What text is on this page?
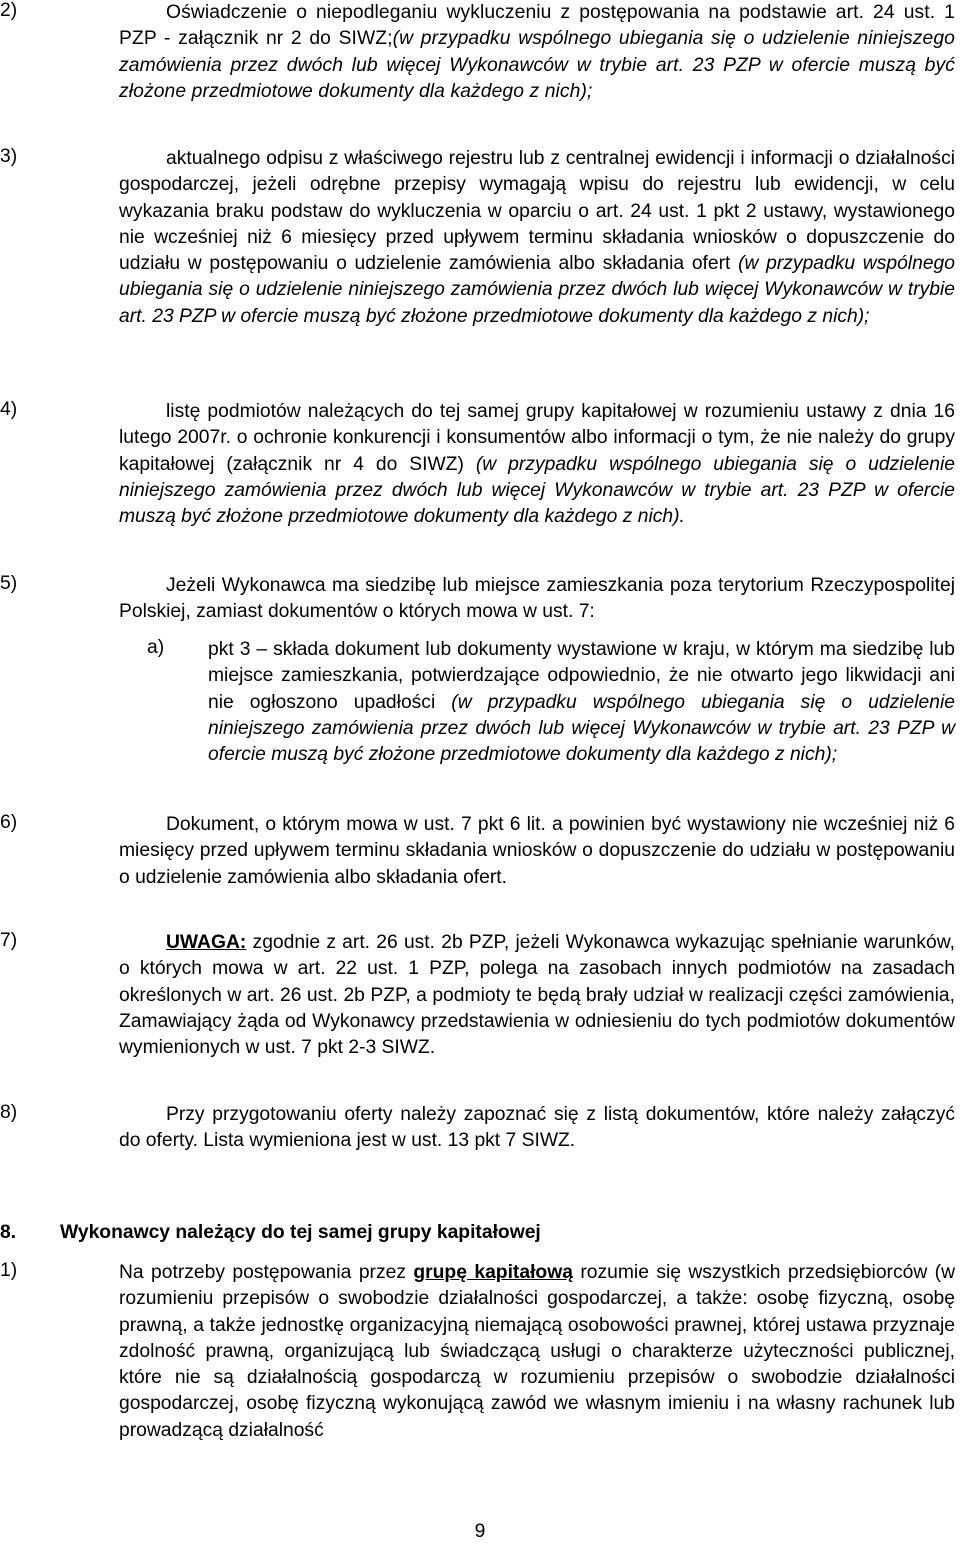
2)	Oświadczenie o niepodleganiu wykluczeniu z postępowania na podstawie art. 24 ust. 1 PZP - załącznik nr 2 do SIWZ;(w przypadku wspólnego ubiegania się o udzielenie niniejszego zamówienia przez dwóch lub więcej Wykonawców w trybie art. 23 PZP w ofercie muszą być złożone przedmiotowe dokumenty dla każdego z nich);
3)	aktualnego odpisu z właściwego rejestru lub z centralnej ewidencji i informacji o działalności gospodarczej, jeżeli odrębne przepisy wymagają wpisu do rejestru lub ewidencji, w celu wykazania braku podstaw do wykluczenia w oparciu o art. 24 ust. 1 pkt 2 ustawy, wystawionego nie wcześniej niż 6 miesięcy przed upływem terminu składania wniosków o dopuszczenie do udziału w postępowaniu o udzielenie zamówienia albo składania ofert (w przypadku wspólnego ubiegania się o udzielenie niniejszego zamówienia przez dwóch lub więcej Wykonawców w trybie art. 23 PZP w ofercie muszą być złożone przedmiotowe dokumenty dla każdego z nich);
4)	listę podmiotów należących do tej samej grupy kapitałowej w rozumieniu ustawy z dnia 16 lutego 2007r. o ochronie konkurencji i konsumentów albo informacji o tym, że nie należy do grupy kapitałowej (załącznik nr 4 do SIWZ) (w przypadku wspólnego ubiegania się o udzielenie niniejszego zamówienia przez dwóch lub więcej Wykonawców w trybie art. 23 PZP w ofercie muszą być złożone przedmiotowe dokumenty dla każdego z nich).
5)	Jeżeli Wykonawca ma siedzibę lub miejsce zamieszkania poza terytorium Rzeczypospolitej Polskiej, zamiast dokumentów o których mowa w ust. 7:
a) pkt 3 – składa dokument lub dokumenty wystawione w kraju, w którym ma siedzibę lub miejsce zamieszkania, potwierdzające odpowiednio, że nie otwarto jego likwidacji ani nie ogłoszono upadłości (w przypadku wspólnego ubiegania się o udzielenie niniejszego zamówienia przez dwóch lub więcej Wykonawców w trybie art. 23 PZP w ofercie muszą być złożone przedmiotowe dokumenty dla każdego z nich);
6)	Dokument, o którym mowa w ust. 7 pkt 6 lit. a powinien być wystawiony nie wcześniej niż 6 miesięcy przed upływem terminu składania wniosków o dopuszczenie do udziału w postępowaniu o udzielenie zamówienia albo składania ofert.
7)	UWAGA: zgodnie z art. 26 ust. 2b PZP, jeżeli Wykonawca wykazując spełnianie warunków, o których mowa w art. 22 ust. 1 PZP, polega na zasobach innych podmiotów na zasadach określonych w art. 26 ust. 2b PZP, a podmioty te będą brały udział w realizacji części zamówienia, Zamawiający żąda od Wykonawcy przedstawienia w odniesieniu do tych podmiotów dokumentów wymienionych w ust. 7 pkt 2-3 SIWZ.
8)	Przy przygotowaniu oferty należy zapoznać się z listą dokumentów, które należy załączyć do oferty. Lista wymieniona jest w ust. 13 pkt 7 SIWZ.
8. Wykonawcy należący do tej samej grupy kapitałowej
1)	Na potrzeby postępowania przez grupę kapitałową rozumie się wszystkich przedsiębiorców (w rozumieniu przepisów o swobodzie działalności gospodarczej, a także: osobę fizyczną, osobę prawną, a także jednostkę organizacyjną niemającą osobowości prawnej, której ustawa przyznaje zdolność prawną, organizującą lub świadczącą usługi o charakterze użyteczności publicznej, które nie są działalnością gospodarczą w rozumieniu przepisów o swobodzie działalności gospodarczej, osobę fizyczną wykonującą zawód we własnym imieniu i na własny rachunek lub prowadzącą działalność
9
